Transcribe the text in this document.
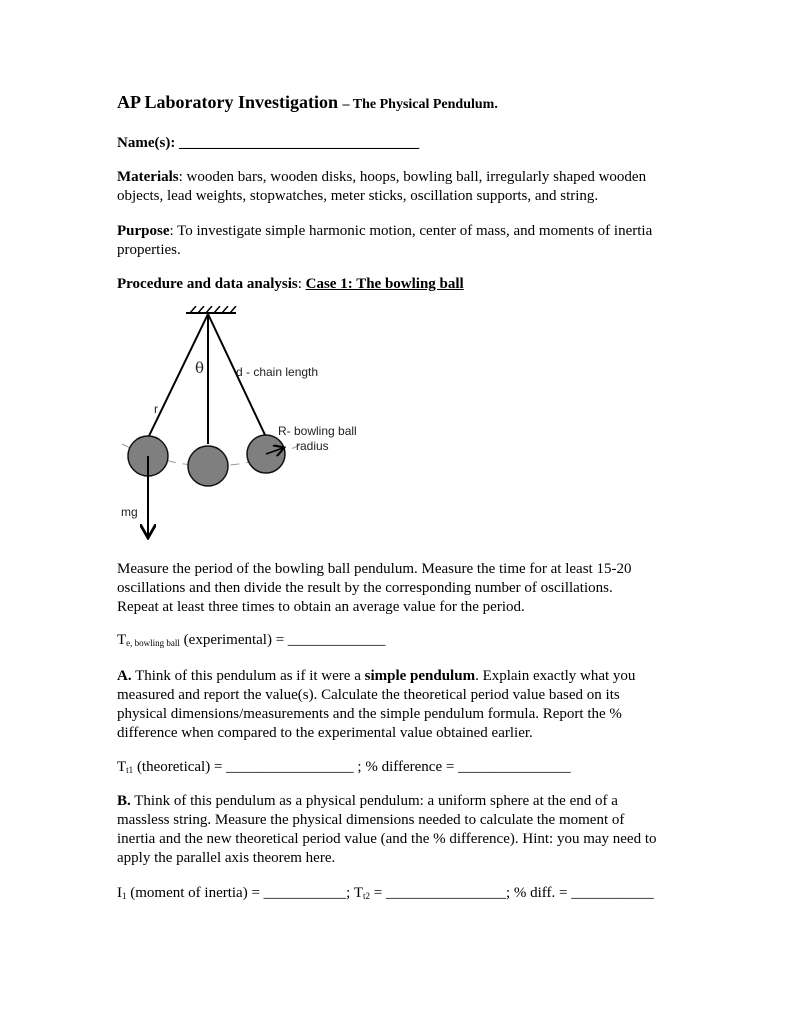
AP Laboratory Investigation – The Physical Pendulum.
Name(s): ________________________________
Materials: wooden bars, wooden disks, hoops, bowling ball, irregularly shaped wooden
objects, lead weights, stopwatches, meter sticks, oscillation supports, and string.
Purpose: To investigate simple harmonic motion, center of mass, and moments of inertia
properties.
Procedure and data analysis: Case 1: The bowling ball
θ	d - chain length
r
R- bowling ball
radius
mg
Measure the period of the bowling ball pendulum. Measure the time for at least 15-20
oscillations and then divide the result by the corresponding number of oscillations.
Repeat at least three times to obtain an average value for the period.
$T_{e, bowling ball}$ (experimental) = _____________
A. Think of this pendulum as if it were a simple pendulum. Explain exactly what you
measured and report the value(s). Calculate the theoretical period value based on its
physical dimensions/measurements and the simple pendulum formula. Report the %
difference when compared to the experimental value obtained earlier.
$T_{t1}$ (theoretical) = _________________ ; % difference = _______________
B. Think of this pendulum as a physical pendulum: a uniform sphere at the end of a
massless string. Measure the physical dimensions needed to calculate the moment of
inertia and the new theoretical period value (and the % difference). Hint: you may need to
apply the parallel axis theorem here.
$I_1$ (moment of inertia) = ___________; $T_{t2}$ = ________________; % diff. = ___________
